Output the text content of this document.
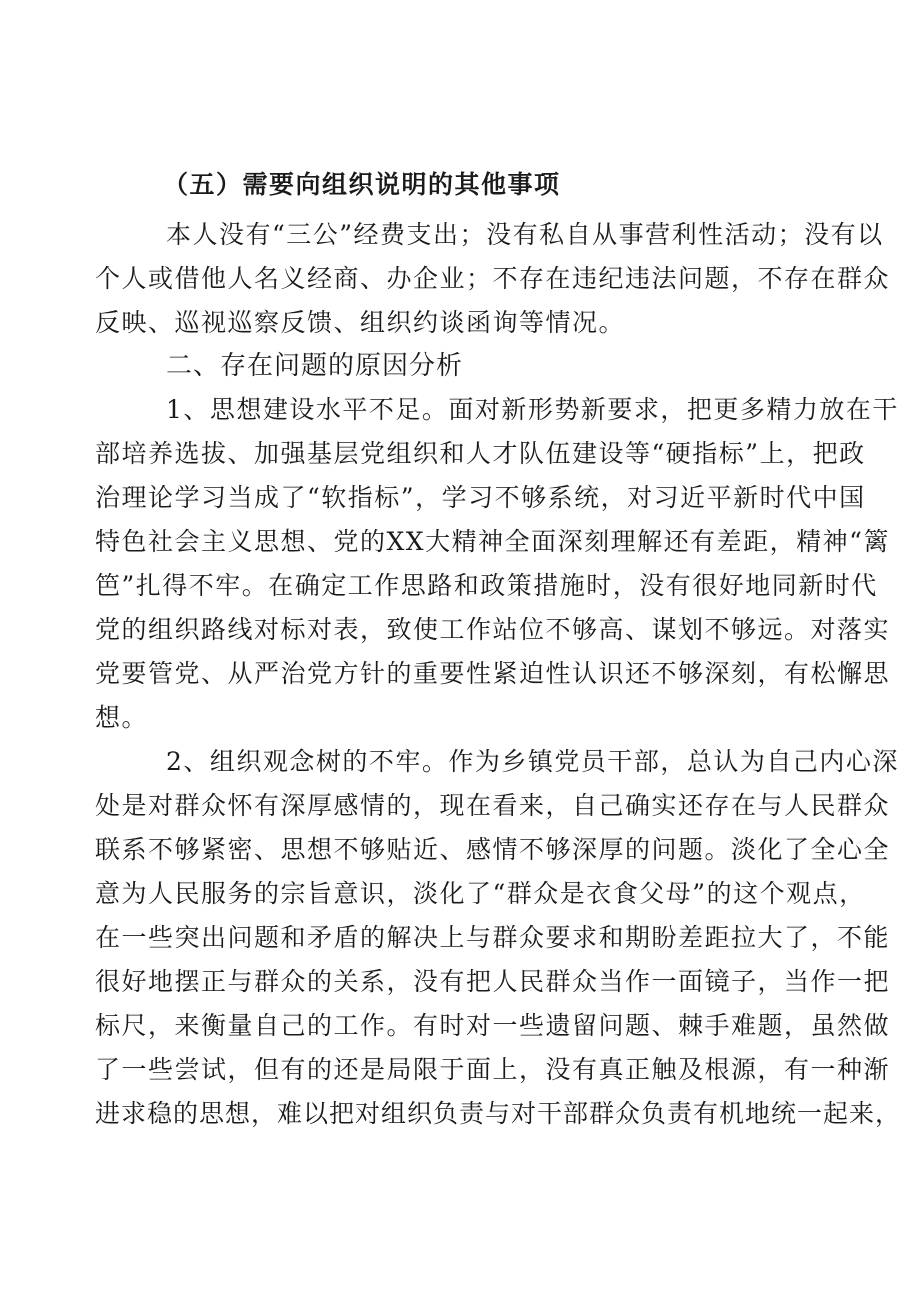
（五）需要向组织说明的其他事项
本人没有“三公”经费支出；没有私自从事营利性活动；没有以
个人或借他人名义经商、办企业；不存在违纪违法问题，不存在群众
反映、巡视巡察反馈、组织约谈函询等情况。
二、存在问题的原因分析
1、思想建设水平不足。面对新形势新要求，把更多精力放在干
部培养选拔、加强基层党组织和人才队伍建设等“硬指标”上，把政
治理论学习当成了“软指标”，学习不够系统，对习近平新时代中国
特色社会主义思想、党的XX大精神全面深刻理解还有差距，精神“篱
笆”扎得不牢。在确定工作思路和政策措施时，没有很好地同新时代
党的组织路线对标对表，致使工作站位不够高、谋划不够远。对落实
党要管党、从严治党方针的重要性紧迫性认识还不够深刻，有松懈思
想。
2、组织观念树的不牢。作为乡镇党员干部，总认为自己内心深
处是对群众怀有深厚感情的，现在看来，自己确实还存在与人民群众
联系不够紧密、思想不够贴近、感情不够深厚的问题。淡化了全心全
意为人民服务的宗旨意识，淡化了“群众是衣食父母”的这个观点，
在一些突出问题和矛盾的解决上与群众要求和期盼差距拉大了，不能
很好地摆正与群众的关系，没有把人民群众当作一面镜子，当作一把
标尺，来衡量自己的工作。有时对一些遗留问题、棘手难题，虽然做
了一些尝试，但有的还是局限于面上，没有真正触及根源，有一种渐
进求稳的思想，难以把对组织负责与对干部群众负责有机地统一起来，
